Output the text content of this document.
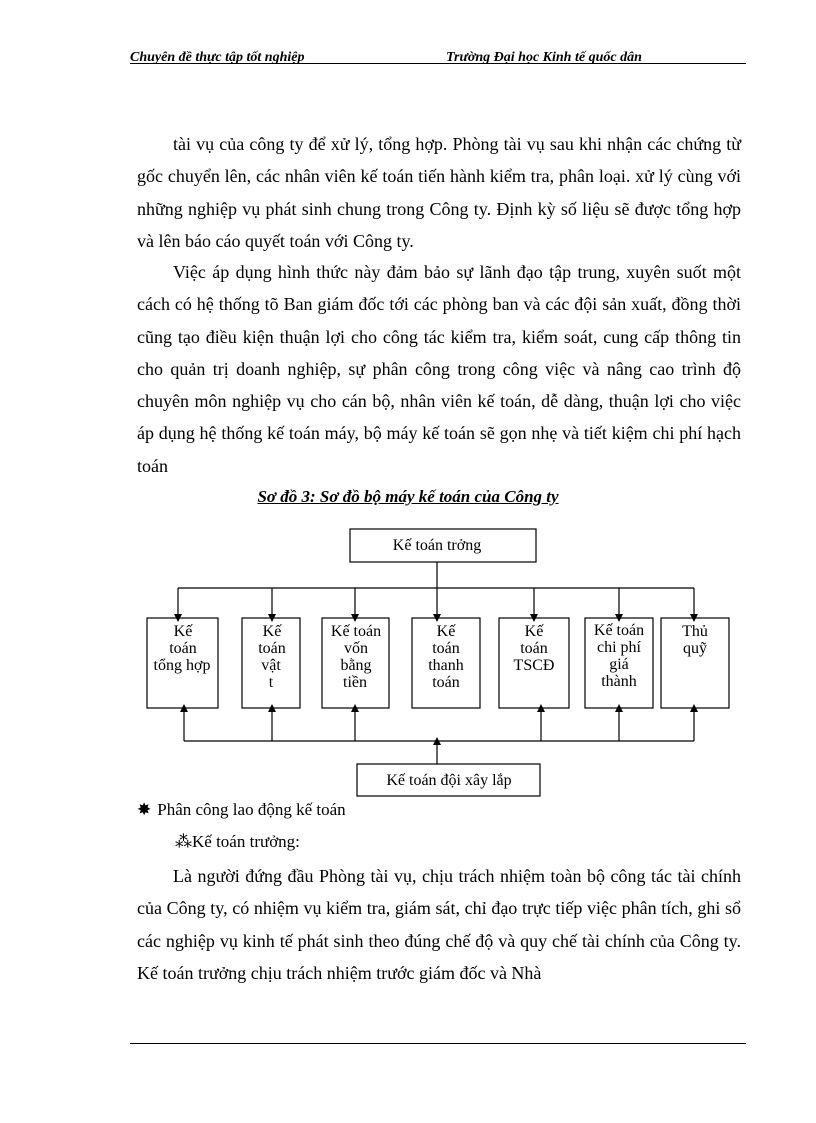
Chuyên đề thực tập tốt nghiệp	Trường Đại học Kinh tế quốc dân

tài vụ của công ty để xử lý, tổng hợp. Phòng tài vụ sau khi nhận các chứng từ gốc chuyển lên, các nhân viên kế toán tiến hành kiểm tra, phân loại. xử lý cùng với những nghiệp vụ phát sinh chung trong Công ty. Định kỳ số liệu sẽ được tổng hợp và lên báo cáo quyết toán với Công ty.

Việc áp dụng hình thức này đảm bảo sự lãnh đạo tập trung, xuyên suốt một cách có hệ thống tõ Ban giám đốc tới các phòng ban và các đội sản xuất, đồng thời cũng tạo điều kiện thuận lợi cho công tác kiểm tra, kiểm soát, cung cấp thông tin cho quản trị doanh nghiệp, sự phân công trong công việc và nâng cao trình độ chuyên môn nghiệp vụ cho cán bộ, nhân viên kế toán, dễ dàng, thuận lợi cho việc áp dụng hệ thống kế toán máy, bộ máy kế toán sẽ gọn nhẹ và tiết kiệm chi phí hạch toán

Sơ đồ 3: Sơ đồ bộ máy kế toán của Công ty
Kế toán trởng
Kế toán đội xây lắp
Kế
toán
tổng hợp
Kế
toán
vật
t
Kế toán
vốn
bằng
tiền
Kế
toán
thanh
toán
Kế
toán
TSCĐ
Kế toán
chi phí
giá
thành
Thủ
quỹ
✸ Phân công lao động kế toán
⁂Kế toán trưởng:

Là người đứng đầu Phòng tài vụ, chịu trách nhiệm toàn bộ công tác tài chính của Công ty, có nhiệm vụ kiểm tra, giám sát, chỉ đạo trực tiếp việc phân tích, ghi sổ các nghiệp vụ kinh tế phát sinh theo đúng chế độ và quy chế tài chính của Công ty. Kế toán trưởng chịu trách nhiệm trước giám đốc và Nhà
